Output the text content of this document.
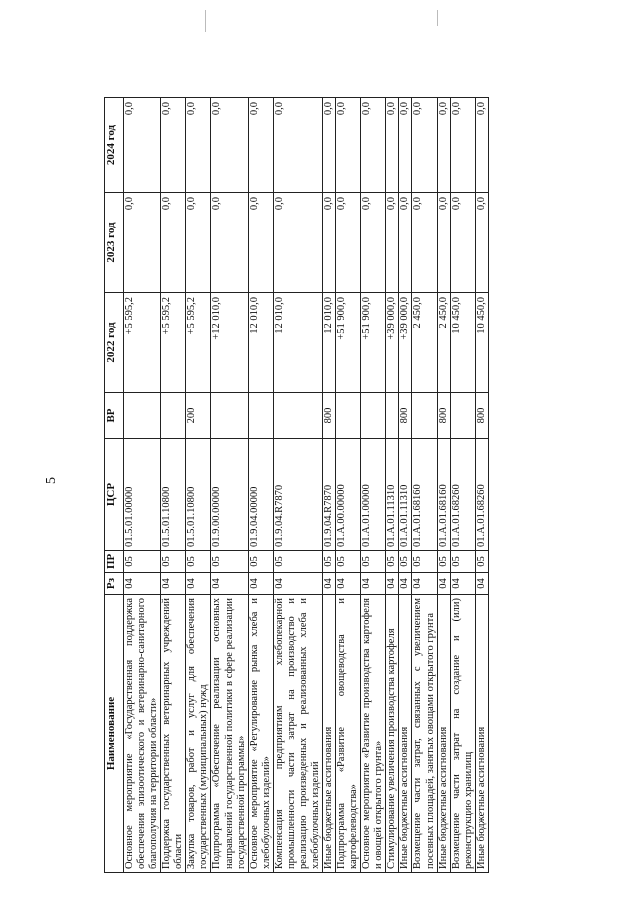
5
Наименование	Рз	ПР	ЦСР	ВР	2022 год	2023 год	2024 год
Основное мероприятие «Государственная поддержка обеспечения эпизоотического и ветеринарно-санитарного благополучия на территории области»	04	05	01.5.01.00000		+5 595,2	0,0	0,0
Поддержка государственных ветеринарных учреждений области	04	05	01.5.01.10800		+5 595,2	0,0	0,0
Закупка товаров, работ и услуг для обеспечения государственных (муниципальных) нужд	04	05	01.5.01.10800	200	+5 595,2	0,0	0,0
Подпрограмма «Обеспечение реализации основных направлений государственной политики в сфере реализации государственной программы»	04	05	01.9.00.00000		+12 010,0	0,0	0,0
Основное мероприятие «Регулирование рынка хлеба и хлебобулочных изделий»	04	05	01.9.04.00000		12 010,0	0,0	0,0
Компенсация предприятиям хлебопекарной промышленности части затрат на производство и реализацию произведенных и реализованных хлеба и хлебобулочных изделий	04	05	01.9.04.R7870		12 010,0	0,0	0,0
Иные бюджетные ассигнования	04	05	01.9.04.R7870	800	12 010,0	0,0	0,0
Подпрограмма «Развитие овощеводства и картофелеводства»	04	05	01.A.00.00000		+51 900,0	0,0	0,0
Основное мероприятие «Развитие производства картофеля и овощей открытого грунта»	04	05	01.A.01.00000		+51 900,0	0,0	0,0
Стимулирование увеличения производства картофеля	04	05	01.A.01.11310		+39 000,0	0,0	0,0
Иные бюджетные ассигнования	04	05	01.A.01.11310	800	+39 000,0	0,0	0,0
Возмещение части затрат, связанных с увеличением посевных площадей, занятых овощами открытого грунта	04	05	01.A.01.68160		2 450,0	0,0	0,0
Иные бюджетные ассигнования	04	05	01.A.01.68160	800	2 450,0	0,0	0,0
Возмещение части затрат на создание и (или) реконструкцию хранилищ	04	05	01.A.01.68260		10 450,0	0,0	0,0
Иные бюджетные ассигнования	04	05	01.A.01.68260	800	10 450,0	0,0	0,0
